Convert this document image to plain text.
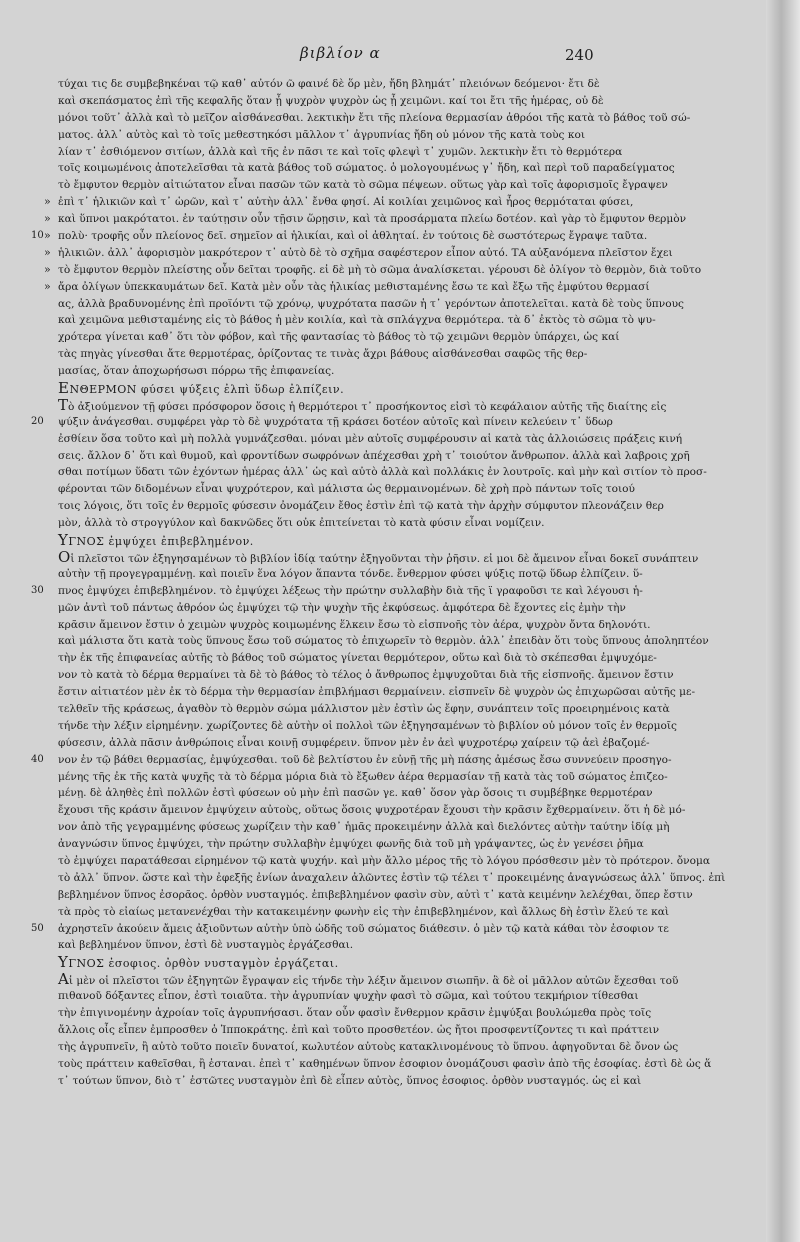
βιβλίον α	240
τύχαι τις δε συμβεβηκέναι τῷ καθ᾽ αὐτόν ῶ φαινέ δὲ ὅρ μὲν, ἤδη βλημάτ᾽ πλειόνων δεόμενοι· ἔτι δὲ
καὶ σκεπάσματος ἐπὶ τῆς κεφαλῆς ὅταν ᾖ ψυχρὸν ψυχρὸν ὡς ᾖ χειμῶνι. καί τοι ἔτι τῆς ἡμέρας, οὐ δὲ
μόνοι τοῦτ᾽ ἀλλὰ καὶ τὸ μεῖζον αἰσθάνεσθαι. λεκτικὴν ἔτι τῆς πλείονα θερμασίαν ἀθρόοι τῆς κατὰ τὸ βάθος τοῦ σώ-
ματος. ἀλλ᾽ αὐτὸς καὶ τὸ τοῖς μεθεστηκόσι μᾶλλον τ᾽ ἀγρυπνίας ἤδη οὐ μόνον τῆς κατὰ τοὺς κοι
λίαν τ᾽ ἐσθιόμενον σιτίων, ἀλλὰ καὶ τῆς ἐν πᾶσι τε καὶ τοῖς φλεψὶ τ᾽ χυμῶν. λεκτικὴν ἔτι τὸ θερμότερα
τοῖς κοιμωμένοις ἀποτελεῖσθαι τὰ κατὰ βάθος τοῦ σώματος. ὁ μολογουμένως γ᾽ ἤδη, καὶ περὶ τοῦ παραδείγματος
τὸ ἔμφυτον θερμὸν αἰτιώτατον εἶναι πασῶν τῶν κατὰ τὸ σῶμα πέψεων. οὕτως γὰρ καὶ τοῖς ἀφορισμοῖς ἔγραψεν
» ἐπὶ τ᾽ ἡλικιῶν καὶ τ᾽ ὡρῶν, καὶ τ᾽ αὐτὴν ἀλλ᾽ ἔνθα φησί. Αἱ κοιλίαι χειμῶνος καὶ ἦρος θερμόταται φύσει,
» καὶ ὕπνοι μακρότατοι. ἐν ταύτῃσιν οὖν τῇσιν ὥρῃσιν, καὶ τὰ προσάρματα πλείω δοτέον. καὶ γὰρ τὸ ἔμφυτον θερμὸν
10 » πολὺ· τροφῆς οὖν πλείονος δεῖ. σημεῖον αἱ ἡλικίαι, καὶ οἱ ἀθληταί. ἐν τούτοις δὲ σωστότερως ἔγραψε ταῦτα.
» ἡλικιῶν. ἀλλ᾽ ἀφορισμὸν μακρότερον τ᾽ αὐτὸ δὲ τὸ σχῆμα σαφέστερον εἶπον αὐτό. ΤΑ αὐξανόμενα πλεῖστον ἔχει
» τὸ ἔμφυτον θερμὸν πλείστης οὖν δεῖται τροφῆς. εἰ δὲ μὴ τὸ σῶμα ἀναλίσκεται. γέρουσι δὲ ὀλίγον τὸ θερμὸν, διὰ τοῦτο
» ἄρα ὀλίγων ὑπεκκαυμάτων δεῖ. Κατὰ μὲν οὖν τὰς ἡλικίας μεθισταμένης ἔσω τε καὶ ἔξω τῆς ἐμφύτου θερμασί
ας, ἀλλὰ βραδυνομένης ἐπὶ προϊόντι τῷ χρόνῳ, ψυχρότατα πασῶν ἡ τ᾽ γερόντων ἀποτελεῖται. κατὰ δὲ τοὺς ὕπνους
καὶ χειμῶνα μεθισταμένης εἰς τὸ βάθος ἡ μὲν κοιλία, καὶ τὰ σπλάγχνα θερμότερα. τὰ δ᾽ ἐκτὸς τὸ σῶμα τὸ ψυ-
χρότερα γίνεται καθ᾽ ὅτι τὸν φόβον, καὶ τῆς φαντασίας τὸ βάθος τὸ τῷ χειμῶνι θερμὸν ὑπάρχει, ὡς καί
τὰς πηγὰς γίνεσθαι ἄτε θερμοτέρας, ὁρίζοντας τε τινὰς ἄχρι βάθους αἰσθάνεσθαι σαφῶς τῆς θερ-
μασίας, ὅταν ἀποχωρήσωσι πόρρω τῆς ἐπιφανείας.
ΕΝΘΕΡΜΟΝ φύσει ψύξεις ἐλπὶ ὕδωρ ἐλπίζειν.
Τὸ ἀξιούμενον τῇ φύσει πρόσφορον ὅσοις ἡ θερμότεροι τ᾽ προσήκοντος εἰσὶ τὸ κεφάλαιον αὐτῆς τῆς διαίτης εἰς
20 ψύξιν ἀνάγεσθαι. συμφέρει γὰρ τὸ δὲ ψυχρότατα τῇ κράσει δοτέον αὐτοῖς καὶ πίνειν κελεύειν τ᾽ ὕδωρ
ἐσθίειν ὅσα τοῦτο καὶ μὴ πολλὰ γυμνάζεσθαι. μόναι μὲν αὐτοῖς συμφέρουσιν αἱ κατὰ τὰς ἀλλοιώσεις πράξεις κινή
σεις. ἄλλον δ᾽ ὅτι καὶ θυμοῦ, καὶ φροντίδων σωφρόνων ἀπέχεσθαι χρὴ τ᾽ τοιούτον ἄνθρωπον. ἀλλὰ καὶ λαβροις χρῆ
σθαι ποτίμων ὕδατι τῶν ἐχόντων ἡμέρας ἀλλ᾽ ὡς καὶ αὐτὸ ἀλλὰ καὶ πολλάκις ἐν λουτροῖς. καὶ μὴν καὶ σιτίον τὸ προσ-
φέρονται τῶν διδομένων εἶναι ψυχρότερον, καὶ μάλιστα ὡς θερμαινομένων. δὲ χρὴ πρὸ πάντων τοῖς τοιού
τοις λόγοις, ὅτι τοῖς ἐν θερμοῖς φύσεσιν ὀνομάζειν ἔθος ἐστὶν ἐπὶ τῷ κατὰ τὴν ἀρχὴν σύμφυτον πλεονάζειν θερ
μὸν, ἀλλὰ τὸ στρογγύλον καὶ δακνῶδες ὅτι οὐκ ἐπιτείνεται τὸ κατὰ φύσιν εἶναι νομίζειν.
ΥΓΝΟΣ ἐμψύχει ἐπιβεβλημένον.
Οἱ πλεῖστοι τῶν ἐξηγησαμένων τὸ βιβλίον ἰδίᾳ ταύτην ἐξηγοῦνται τὴν ῥῆσιν. εἰ μοι δὲ ἄμεινον εἶναι δοκεῖ συνάπτειν
αὐτὴν τῇ προγεγραμμένῃ. καὶ ποιεῖν ἕνα λόγον ἅπαντα τόνδε. ἔνθερμον φύσει ψύξις ποτῷ ὕδωρ ἐλπίζειν. ὕ-
30 πνος ἐμψύχει ἐπιβεβλημένον. τὸ ἐμψύχει λέξεως τὴν πρώτην συλλαβὴν διὰ τῆς ϊ γραφοῦσι τε καὶ λέγουσι ἡ-
μῶν ἀντὶ τοῦ πάντως ἀθρόον ὡς ἐμψύχει τῷ τὴν ψυχὴν τῆς ἐκφύσεως. ἀμφότερα δὲ ἔχοντες εἰς ἐμὴν τὴν
κρᾶσιν ἄμεινον ἔστιν ὁ χειμὼν ψυχρὸς κοιμωμένης ἕλκειν ἔσω τὸ εἰσπνοῆς τὸν ἀέρα, ψυχρὸν ὄντα δηλονότι.
καὶ μάλιστα ὅτι κατὰ τοὺς ὕπνους ἔσω τοῦ σώματος τὸ ἐπιχωρεῖν τὸ θερμὸν. ἀλλ᾽ ἐπειδὰν ὅτι τοὺς ὕπνους ἀποληπτέον
τὴν ἐκ τῆς ἐπιφανείας αὐτῆς τὸ βάθος τοῦ σώματος γίνεται θερμότερον, οὕτω καὶ διὰ τὸ σκέπεσθαι ἐμψυχόμε-
νον τὸ κατὰ τὸ δέρμα θερμαίνει τὰ δὲ τὸ βάθος τὸ τέλος ὁ ἄνθρωπος ἐμψυχοῦται διὰ τῆς εἰσπνοῆς. ἄμεινον ἔστιν
ἔστιν αἰτιατέον μὲν ἐκ τὸ δέρμα τὴν θερμασίαν ἐπιβλήμασι θερμαίνειν. εἰσπνεῖν δὲ ψυχρὸν ὡς ἐπιχωρῶσαι αὐτῆς με-
τελθεῖν τῆς κράσεως, ἀγαθὸν τὸ θερμὸν σώμα μάλλιστον μὲν ἐστὶν ὡς ἔφην, συνάπτειν τοῖς προειρημένοις κατὰ
τήνδε τὴν λέξιν εἰρημένην. χωρίζοντες δὲ αὐτὴν οἱ πολλοὶ τῶν ἐξηγησαμένων τὸ βιβλίον οὐ μόνον τοῖς ἐν θερμοῖς
φύσεσιν, ἀλλὰ πᾶσιν ἀνθρώποις εἶναι κοινῇ συμφέρειν. ὕπνον μὲν ἐν ἀεὶ ψυχροτέρῳ χαίρειν τῷ ἀεὶ ἐβαζομέ-
40 νον ἐν τῷ βάθει θερμασίας, ἐμψύχεσθαι. τοῦ δὲ βελτίστου ἐν εὐνῇ τῆς μὴ πάσης ἀμέσως ἔσω συννεύειν προσηγο-
μένης τῆς ἐκ τῆς κατὰ ψυχῆς τὰ τὸ δέρμα μόρια διὰ τὸ ἔξωθεν ἀέρα θερμασίαν τῇ κατὰ τὰς τοῦ σώματος ἐπιζεο-
μένῃ. δὲ ἀληθὲς ἐπὶ πολλῶν ἐστὶ φύσεων οὐ μὴν ἐπὶ πασῶν γε. καθ᾽ ὅσον γὰρ ὅσοις τι συμβέβηκε θερμοτέραν
ἔχουσι τῆς κράσιν ἄμεινον ἐμψύχειν αὐτοὺς, οὕτως ὅσοις ψυχροτέραν ἔχουσι τὴν κρᾶσιν ἔχθερμαίνειν. ὅτι ἡ δὲ μό-
νον ἀπὸ τῆς γεγραμμένης φύσεως χωρίζειν τὴν καθ᾽ ἡμᾶς προκειμένην ἀλλὰ καὶ διελόντες αὐτὴν ταύτην ἰδίᾳ μὴ
ἀναγνώσιν ὕπνος ἐμψύχει, τὴν πρώτην συλλαβὴν ἐμψύχει φωνῆς διὰ τοῦ μὴ γράψαντες, ὡς ἐν γενέσει ῥῆμα
τὸ ἐμψύχει παρατάθεσαι εἰρημένον τῷ κατὰ ψυχήν. καὶ μὴν ἄλλο μέρος τῆς τὸ λόγου πρόσθεσιν μὲν τὸ πρότερον. ὄνομα
τὸ ἀλλ᾽ ὕπνον. ὥστε καὶ τὴν ἐφεξῆς ἐνίων ἀναχαλειν ἀλῶντες ἐστὶν τῷ τέλει τ᾽ προκειμένης ἀναγνώσεως ἀλλ᾽ ὕπνος. ἐπὶ
βεβλημένον ὕπνος ἐσορᾶος. ὀρθὸν νυσταγμός. ἐπιβεβλημένον φασὶν σὺν, αὐτὶ τ᾽ κατὰ κειμένην λελέχθαι, ὅπερ ἔστιν
τὰ πρὸς τὸ εἰαίως μετανενέχθαι τὴν κατακειμένην φωνὴν εἰς τὴν ἐπιβεβλημένον, καὶ ἄλλως δὴ ἐστὶν ἔλεύ τε καὶ
50 ἀχρηστεῖν ἀκούειν ἄμεις ἀξιοῦντων αὐτὴν ὑπὸ ὠδῆς τοῦ σώματος διάθεσιν. ὁ μὲν τῷ κατὰ κάθαι τὸν ἐσοφιον τε
καὶ βεβλημένον ὕπνον, ἐστὶ δὲ νυσταγμὸς ἐργάζεσθαι.
ΥΓΝΟΣ ἐσοφιος. ὀρθὸν νυσταγμὸν ἐργάζεται.
Αἱ μὲν οἱ πλεῖστοι τῶν ἐξηγητῶν ἔγραψαν εἰς τήνδε τὴν λέξιν ἄμεινον σιωπῆν. ἃ δὲ οἱ μᾶλλον αὐτῶν ἔχεσθαι τοῦ
πιθανοῦ δόξαντες εἶπον, ἐστὶ τοιαῦτα. τὴν ἀγρυπνίαν ψυχὴν φασὶ τὸ σῶμα, καὶ τούτου τεκμήριον τίθεσθαι
τὴν ἐπιγινομένην ἀχροίαν τοῖς ἀγρυπνήσασι. ὅταν οὖν φασὶν ἔνθερμον κρᾶσιν ἐμψύξαι βουλώμεθα πρὸς τοῖς
ἄλλοις οἷς εἶπεν ἐμπροσθεν ὁ Ἱπποκράτης. ἐπὶ καὶ τοῦτο προσθετέον. ὡς ἤτοι προσφεντίζοντες τι καὶ πράττειν
τὴς ἀγρυπνεῖν, ἢ αὐτὸ τοῦτο ποιεῖν δυνατοί, κωλυτέον αὐτοὺς κατακλινομένους τὸ ὕπνου. ἀφηγοῦνται δὲ ὄνον ὡς
τοὺς πράττειν καθεῖσθαι, ἢ ἐσταναι. ἐπεὶ τ᾽ καθημένων ὕπνον ἐσοφιον ὀνομάζουσι φασὶν ἀπὸ τῆς ἐσοφίας. ἐστὶ δὲ ὡς ἅ
τ᾽ τούτων ὕπνον, διὸ τ᾽ ἐστῶτες νυσταγμὸν ἐπὶ δὲ εἶπεν αὐτὸς, ὕπνος ἐσοφιος. ὀρθὸν νυσταγμός. ὡς εἰ καὶ
